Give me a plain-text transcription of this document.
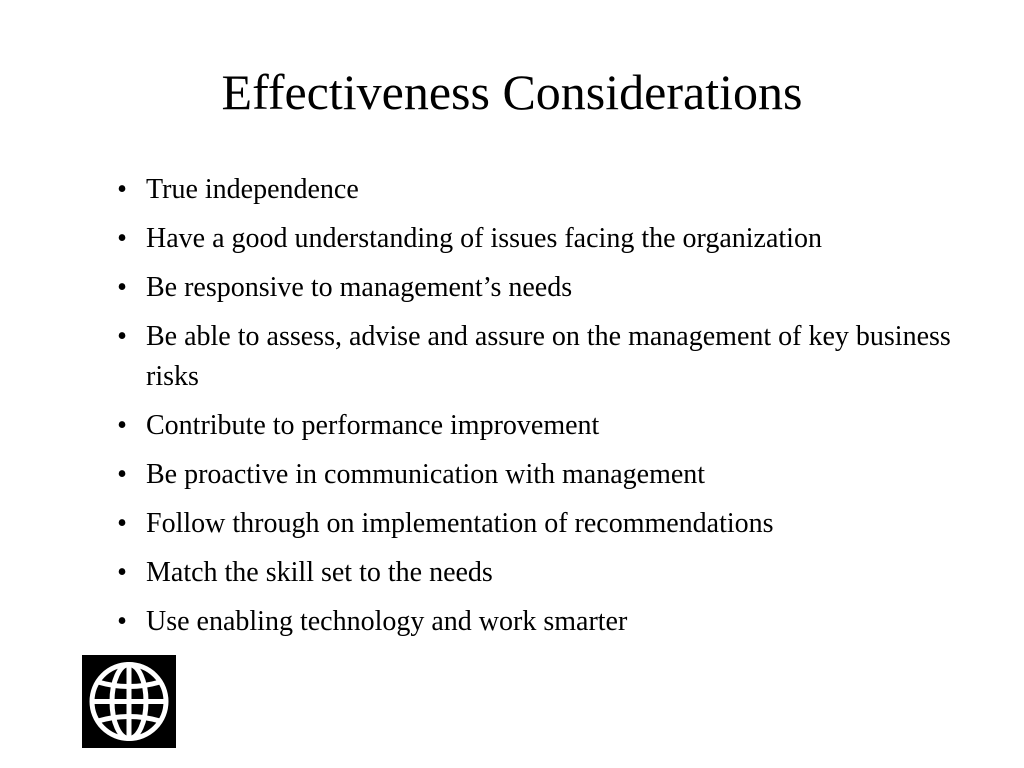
Effectiveness Considerations
• True independence
• Have a good understanding of issues facing the organization
• Be responsive to management’s needs
• Be able to assess, advise and assure on the management of key business risks
• Contribute to performance improvement
• Be proactive in communication with management
• Follow through on implementation of recommendations
• Match the skill set to the needs
• Use enabling technology and work smarter
